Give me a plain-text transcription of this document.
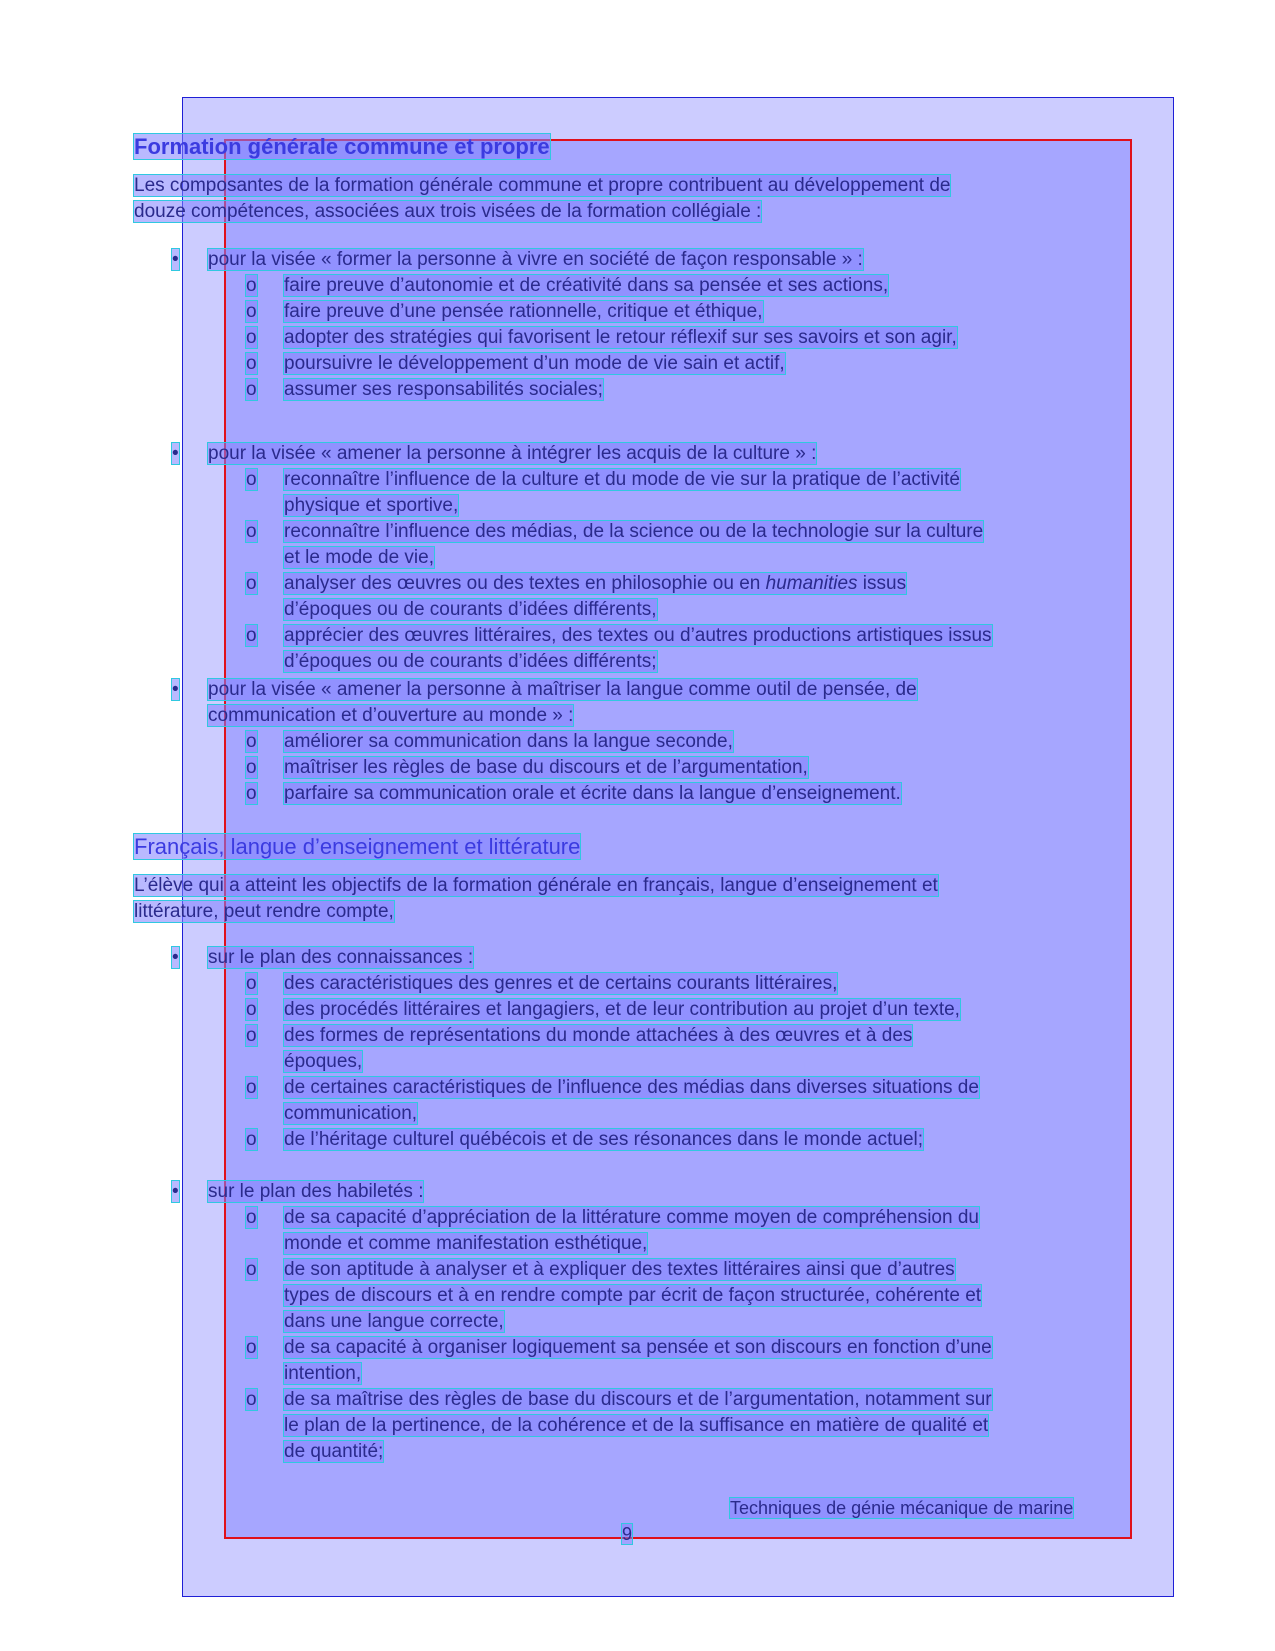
Formation générale commune et propre
Les composantes de la formation générale commune et propre contribuent au développement de
douze compétences, associées aux trois visées de la formation collégiale :
• pour la visée « former la personne à vivre en société de façon responsable » :
o faire preuve d’autonomie et de créativité dans sa pensée et ses actions,
o faire preuve d’une pensée rationnelle, critique et éthique,
o adopter des stratégies qui favorisent le retour réflexif sur ses savoirs et son agir,
o poursuivre le développement d’un mode de vie sain et actif,
o assumer ses responsabilités sociales;
• pour la visée « amener la personne à intégrer les acquis de la culture » :
o reconnaître l’influence de la culture et du mode de vie sur la pratique de l’activité
physique et sportive,
o reconnaître l’influence des médias, de la science ou de la technologie sur la culture
et le mode de vie,
o analyser des œuvres ou des textes en philosophie ou en humanities issus
d’époques ou de courants d’idées différents,
o apprécier des œuvres littéraires, des textes ou d’autres productions artistiques issus
d’époques ou de courants d’idées différents;
• pour la visée « amener la personne à maîtriser la langue comme outil de pensée, de
communication et d’ouverture au monde » :
o améliorer sa communication dans la langue seconde,
o maîtriser les règles de base du discours et de l’argumentation,
o parfaire sa communication orale et écrite dans la langue d’enseignement.
Français, langue d’enseignement et littérature
L’élève qui a atteint les objectifs de la formation générale en français, langue d’enseignement et
littérature, peut rendre compte,
• sur le plan des connaissances :
o des caractéristiques des genres et de certains courants littéraires,
o des procédés littéraires et langagiers, et de leur contribution au projet d’un texte,
o des formes de représentations du monde attachées à des œuvres et à des
époques,
o de certaines caractéristiques de l’influence des médias dans diverses situations de
communication,
o de l’héritage culturel québécois et de ses résonances dans le monde actuel;
• sur le plan des habiletés :
o de sa capacité d’appréciation de la littérature comme moyen de compréhension du
monde et comme manifestation esthétique,
o de son aptitude à analyser et à expliquer des textes littéraires ainsi que d’autres
types de discours et à en rendre compte par écrit de façon structurée, cohérente et
dans une langue correcte,
o de sa capacité à organiser logiquement sa pensée et son discours en fonction d’une
intention,
o de sa maîtrise des règles de base du discours et de l’argumentation, notamment sur
le plan de la pertinence, de la cohérence et de la suffisance en matière de qualité et
de quantité;
Techniques de génie mécanique de marine
9
